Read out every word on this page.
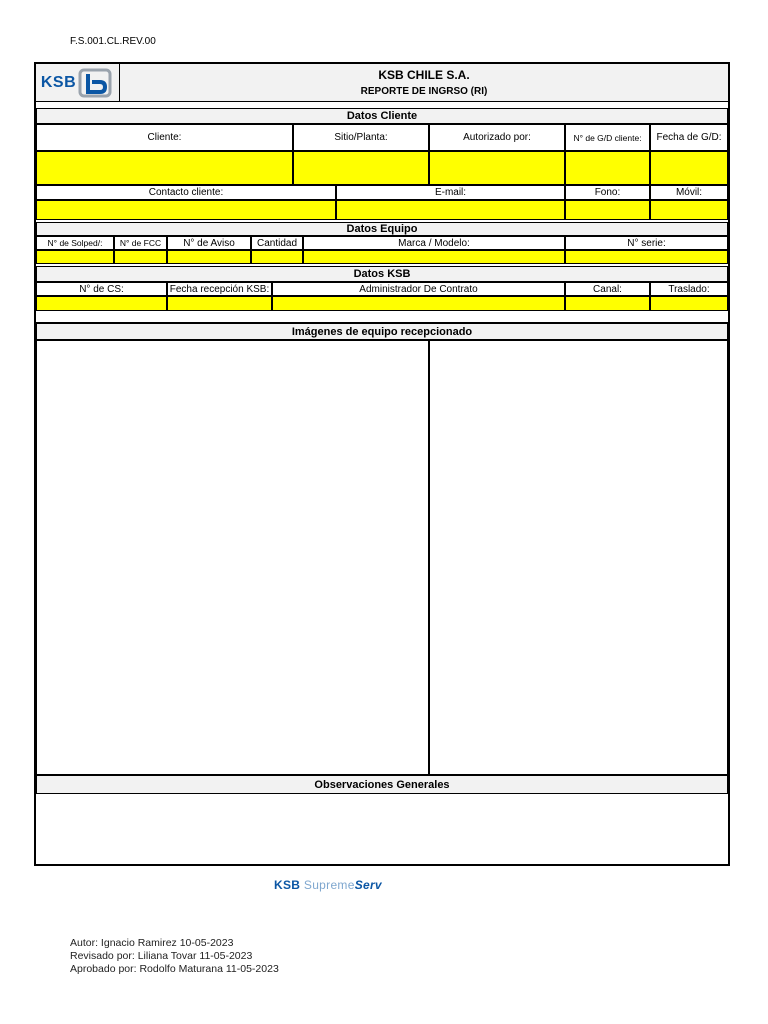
F.S.001.CL.REV.00
KSB	KSB CHILE S.A.
REPORTE DE INGRSO (RI)
Datos Cliente
Cliente:	Sitio/Planta:	Autorizado por:	N° de G/D cliente:	Fecha de G/D:
Contacto cliente:	E-mail:	Fono:	Móvil:
Datos Equipo
N° de Solped/:	N° de FCC	N° de Aviso	Cantidad	Marca / Modelo:	N° serie:
Datos KSB
N° de CS:	Fecha recepción KSB:	Administrador De Contrato	Canal:	Traslado:
Imágenes de equipo recepcionado
Observaciones Generales
KSB SupremeServ
Autor: Ignacio Ramirez 10-05-2023
Revisado por: Liliana Tovar 11-05-2023
Aprobado por: Rodolfo Maturana 11-05-2023
